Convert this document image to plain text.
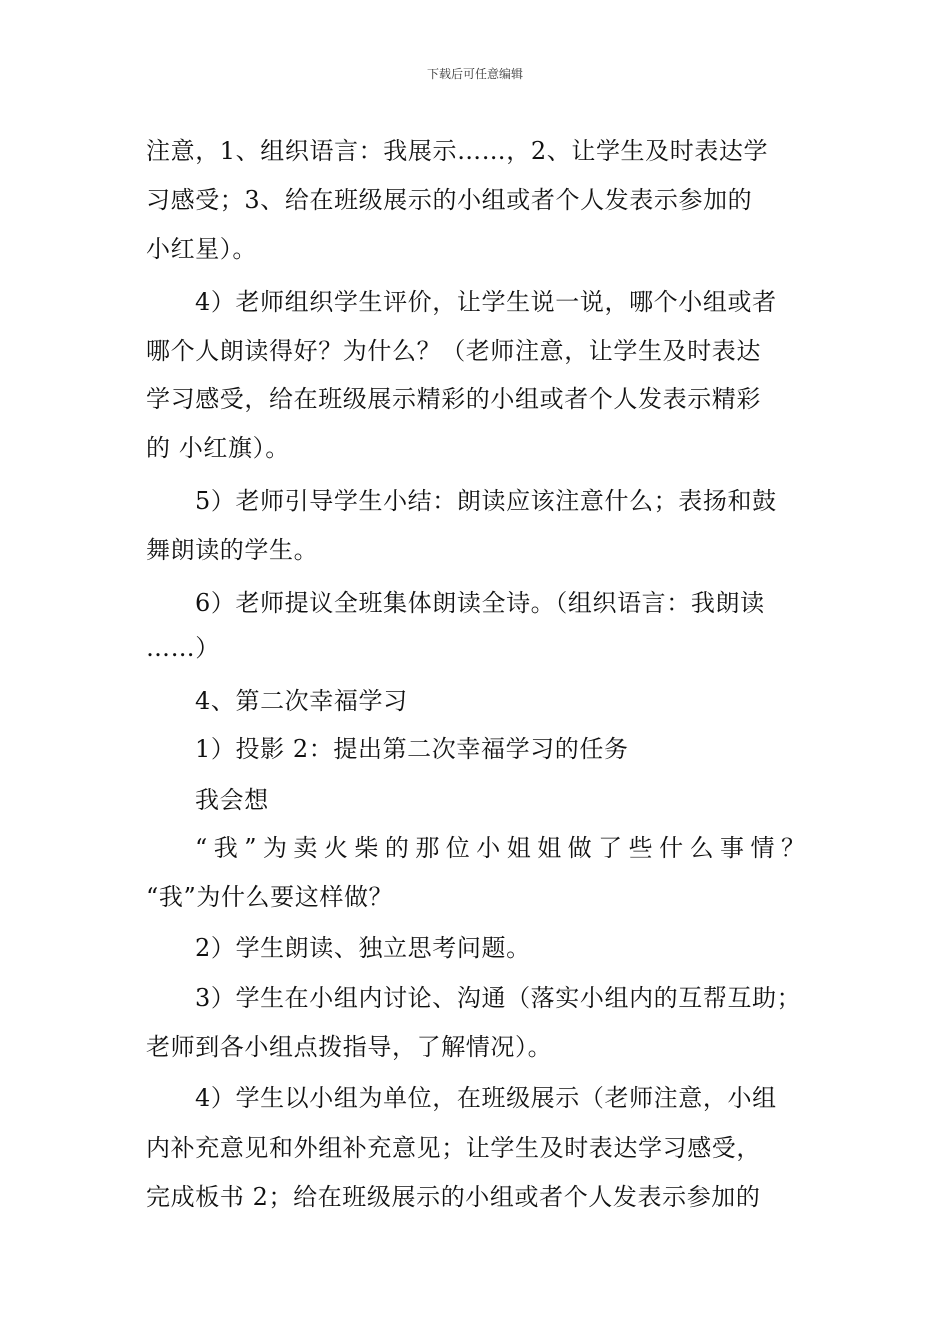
下载后可任意编辑
注意，1、组织语言：我展示……，2、让学生及时表达学
习感受；3、给在班级展示的小组或者个人发表示参加的
小红星）。
4）老师组织学生评价，让学生说一说，哪个小组或者
哪个人朗读得好？为什么？（老师注意，让学生及时表达
学习感受，给在班级展示精彩的小组或者个人发表示精彩
的 小红旗）。
5）老师引导学生小结：朗读应该注意什么；表扬和鼓
舞朗读的学生。
6）老师提议全班集体朗读全诗。（组织语言：我朗读
……）
4、第二次幸福学习
1）投影 2：提出第二次幸福学习的任务
我会想
“我”为卖火柴的那位小姐姐做了些什么事情？
“我”为什么要这样做？
2）学生朗读、独立思考问题。
3）学生在小组内讨论、沟通（落实小组内的互帮互助；
老师到各小组点拨指导，了解情况）。
4）学生以小组为单位，在班级展示（老师注意，小组
内补充意见和外组补充意见；让学生及时表达学习感受，
完成板书 2；给在班级展示的小组或者个人发表示参加的
